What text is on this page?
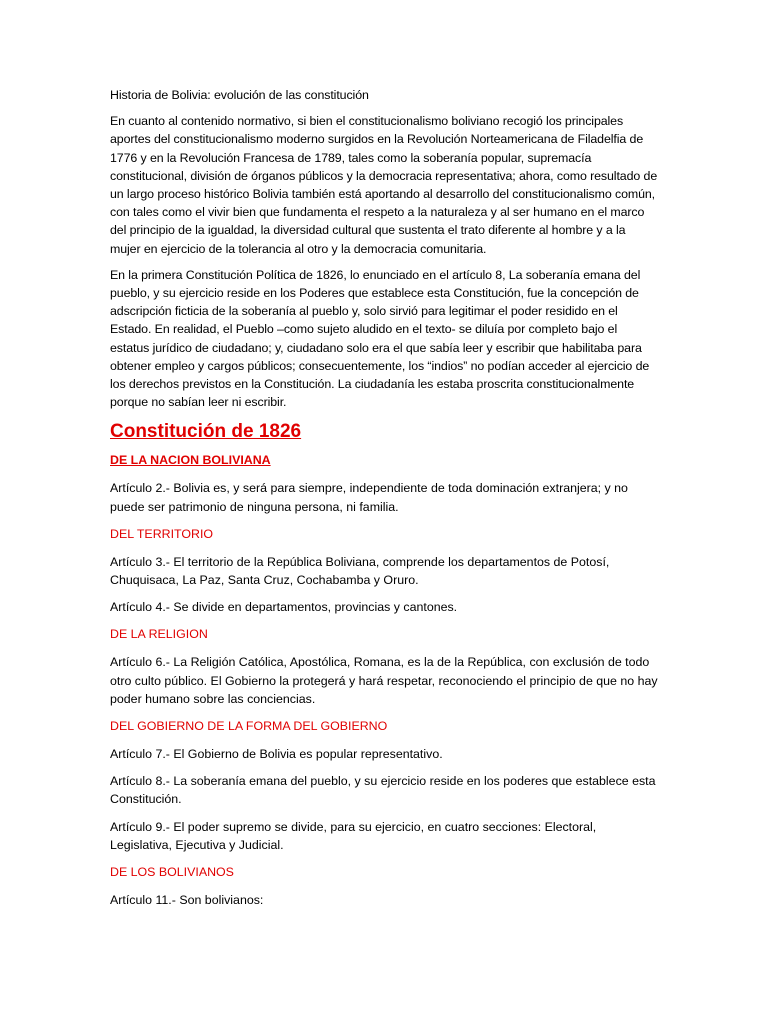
Historia de Bolivia: evolución de las constitución

En cuanto al contenido normativo, si bien el constitucionalismo boliviano recogió los principales aportes del constitucionalismo moderno surgidos en la Revolución Norteamericana de Filadelfia de 1776 y en la Revolución Francesa de 1789, tales como la soberanía popular, supremacía constitucional, división de órganos públicos y la democracia representativa; ahora, como resultado de un largo proceso histórico Bolivia también está aportando al desarrollo del constitucionalismo común, con tales como el vivir bien que fundamenta el respeto a la naturaleza y al ser humano en el marco del principio de la igualdad, la diversidad cultural que sustenta el trato diferente al hombre y a la mujer en ejercicio de la tolerancia al otro y la democracia comunitaria.

En la primera Constitución Política de 1826, lo enunciado en el artículo 8, La soberanía emana del pueblo, y su ejercicio reside en los Poderes que establece esta Constitución, fue la concepción de adscripción ficticia de la soberanía al pueblo y, solo sirvió para legitimar el poder residido en el Estado. En realidad, el Pueblo –como sujeto aludido en el texto- se diluía por completo bajo el estatus jurídico de ciudadano; y, ciudadano solo era el que sabía leer y escribir que habilitaba para obtener empleo y cargos públicos; consecuentemente, los “indios” no podían acceder al ejercicio de los derechos previstos en la Constitución. La ciudadanía les estaba proscrita constitucionalmente porque no sabían leer ni escribir.

Constitución de 1826
DE LA NACION BOLIVIANA

Artículo 2.- Bolivia es, y será para siempre, independiente de toda dominación extranjera; y no puede ser patrimonio de ninguna persona, ni familia.

DEL TERRITORIO

Artículo 3.- El territorio de la República Boliviana, comprende los departamentos de Potosí, Chuquisaca, La Paz, Santa Cruz, Cochabamba y Oruro.

Artículo 4.- Se divide en departamentos, provincias y cantones.

DE LA RELIGION

Artículo 6.- La Religión Católica, Apostólica, Romana, es la de la República, con exclusión de todo otro culto público. El Gobierno la protegerá y hará respetar, reconociendo el principio de que no hay poder humano sobre las conciencias.

DEL GOBIERNO DE LA FORMA DEL GOBIERNO

Artículo 7.- El Gobierno de Bolivia es popular representativo.

Artículo 8.- La soberanía emana del pueblo, y su ejercicio reside en los poderes que establece esta Constitución.

Artículo 9.- El poder supremo se divide, para su ejercicio, en cuatro secciones: Electoral, Legislativa, Ejecutiva y Judicial.

DE LOS BOLIVIANOS

Artículo 11.- Son bolivianos:
